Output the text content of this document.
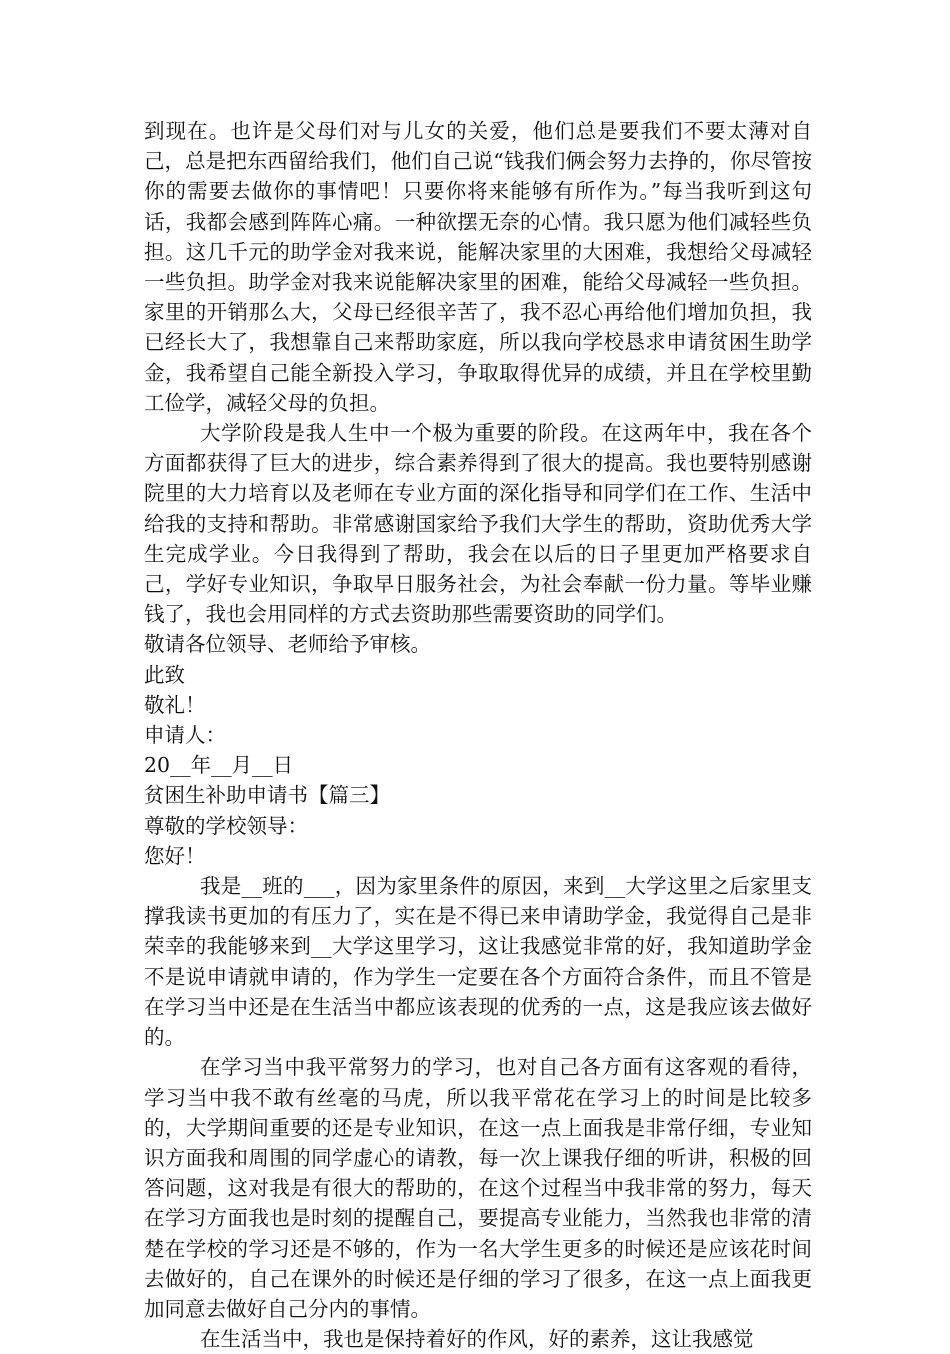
到现在。也许是父母们对与儿女的关爱，他们总是要我们不要太薄对自己，总是把东西留给我们，他们自己说“钱我们俩会努力去挣的，你尽管按你的需要去做你的事情吧！只要你将来能够有所作为。”每当我听到这句话，我都会感到阵阵心痛。一种欲摆无奈的心情。我只愿为他们减轻些负担。这几千元的助学金对我来说，能解决家里的大困难，我想给父母减轻一些负担。助学金对我来说能解决家里的困难，能给父母减轻一些负担。家里的开销那么大，父母已经很辛苦了，我不忍心再给他们增加负担，我已经长大了，我想靠自己来帮助家庭，所以我向学校恳求申请贫困生助学金，我希望自己能全新投入学习，争取取得优异的成绩，并且在学校里勤工俭学，减轻父母的负担。

大学阶段是我人生中一个极为重要的阶段。在这两年中，我在各个方面都获得了巨大的进步，综合素养得到了很大的提高。我也要特别感谢院里的大力培育以及老师在专业方面的深化指导和同学们在工作、生活中给我的支持和帮助。非常感谢国家给予我们大学生的帮助，资助优秀大学生完成学业。今日我得到了帮助，我会在以后的日子里更加严格要求自己，学好专业知识，争取早日服务社会，为社会奉献一份力量。等毕业赚钱了，我也会用同样的方式去资助那些需要资助的同学们。

敬请各位领导、老师给予审核。

此致

敬礼！

申请人：

20__年__月__日

贫困生补助申请书【篇三】

尊敬的学校领导：

您好！

我是__班的___，因为家里条件的原因，来到__大学这里之后家里支撑我读书更加的有压力了，实在是不得已来申请助学金，我觉得自己是非荣幸的我能够来到__大学这里学习，这让我感觉非常的好，我知道助学金不是说申请就申请的，作为学生一定要在各个方面符合条件，而且不管是在学习当中还是在生活当中都应该表现的优秀的一点，这是我应该去做好的。

在学习当中我平常努力的学习，也对自己各方面有这客观的看待，学习当中我不敢有丝毫的马虎，所以我平常花在学习上的时间是比较多的，大学期间重要的还是专业知识，在这一点上面我是非常仔细，专业知识方面我和周围的同学虚心的请教，每一次上课我仔细的听讲，积极的回答问题，这对我是有很大的帮助的，在这个过程当中我非常的努力，每天在学习方面我也是时刻的提醒自己，要提高专业能力，当然我也非常的清楚在学校的学习还是不够的，作为一名大学生更多的时候还是应该花时间去做好的，自己在课外的时候还是仔细的学习了很多，在这一点上面我更加同意去做好自己分内的事情。

在生活当中，我也是保持着好的作风，好的素养，这让我感觉
